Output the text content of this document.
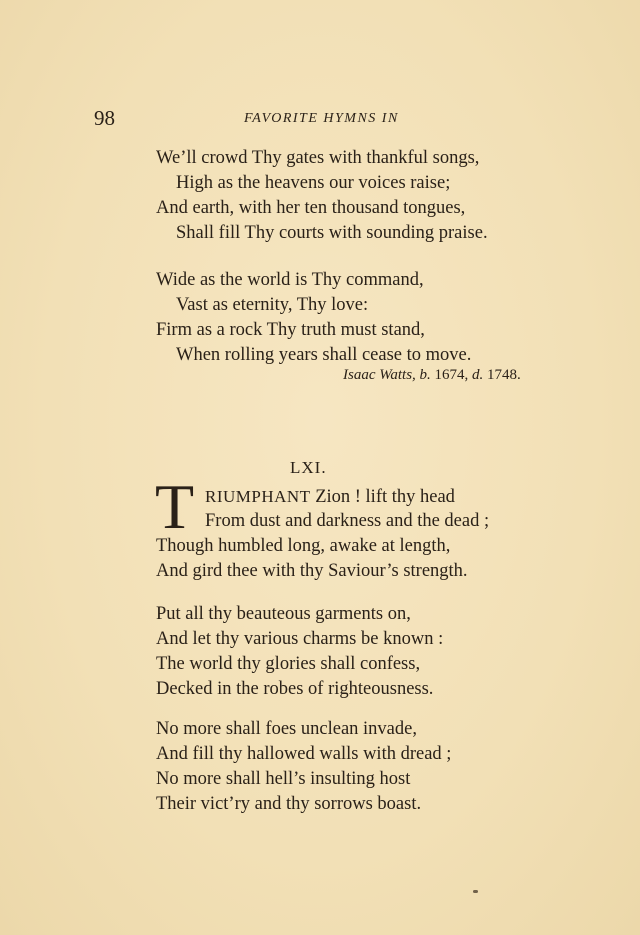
98	FAVORITE HYMNS IN
We’ll crowd Thy gates with thankful songs,
High as the heavens our voices raise;
And earth, with her ten thousand tongues,
Shall fill Thy courts with sounding praise.
Wide as the world is Thy command,
Vast as eternity, Thy love:
Firm as a rock Thy truth must stand,
When rolling years shall cease to move.
Isaac Watts, b. 1674, d. 1748.
LXI.
T RIUMPHANT Zion ! lift thy head
From dust and darkness and the dead ;
Though humbled long, awake at length,
And gird thee with thy Saviour’s strength.
Put all thy beauteous garments on,
And let thy various charms be known :
The world thy glories shall confess,
Decked in the robes of righteousness.
No more shall foes unclean invade,
And fill thy hallowed walls with dread ;
No more shall hell’s insulting host
Their vict’ry and thy sorrows boast.
